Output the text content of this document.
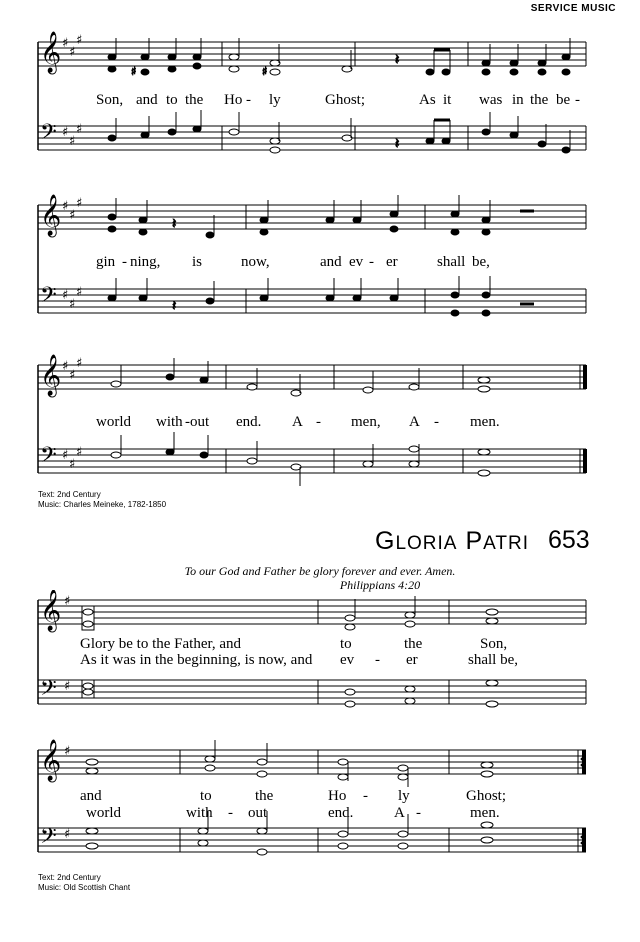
SERVICE MUSIC
𝄞
𝄞
𝄞
𝄢
𝄢
𝄢
♯
♯
♯
♯
♯
♯
♯
♯
♯
♯
♯
♯
♯
♯
♯
♯
♯
♯
𝄽
♯
♯
𝄽
𝄽
𝄽
Son, and to the Ho - ly	Ghost;	As it was in the be -
gin - ning, is	now,	and ev - er	shall be,
world with - out end. A - men, A - men.
Text: 2nd Century
Music: Charles Meineke, 1782-1850
GLORIA PATRI 653
To our God and Father be glory forever and ever. Amen.
Philippians 4:20
𝄞
𝄞
𝄢
𝄢
♯
♯
♯
♯
Glory be to the Father, and	to	the	Son,
As it was in the beginning, is now, and ev - er	shall be,
and	to	the	Ho - ly	Ghost;
world	with - out	end.	A -	men.
Text: 2nd Century
Music: Old Scottish Chant
